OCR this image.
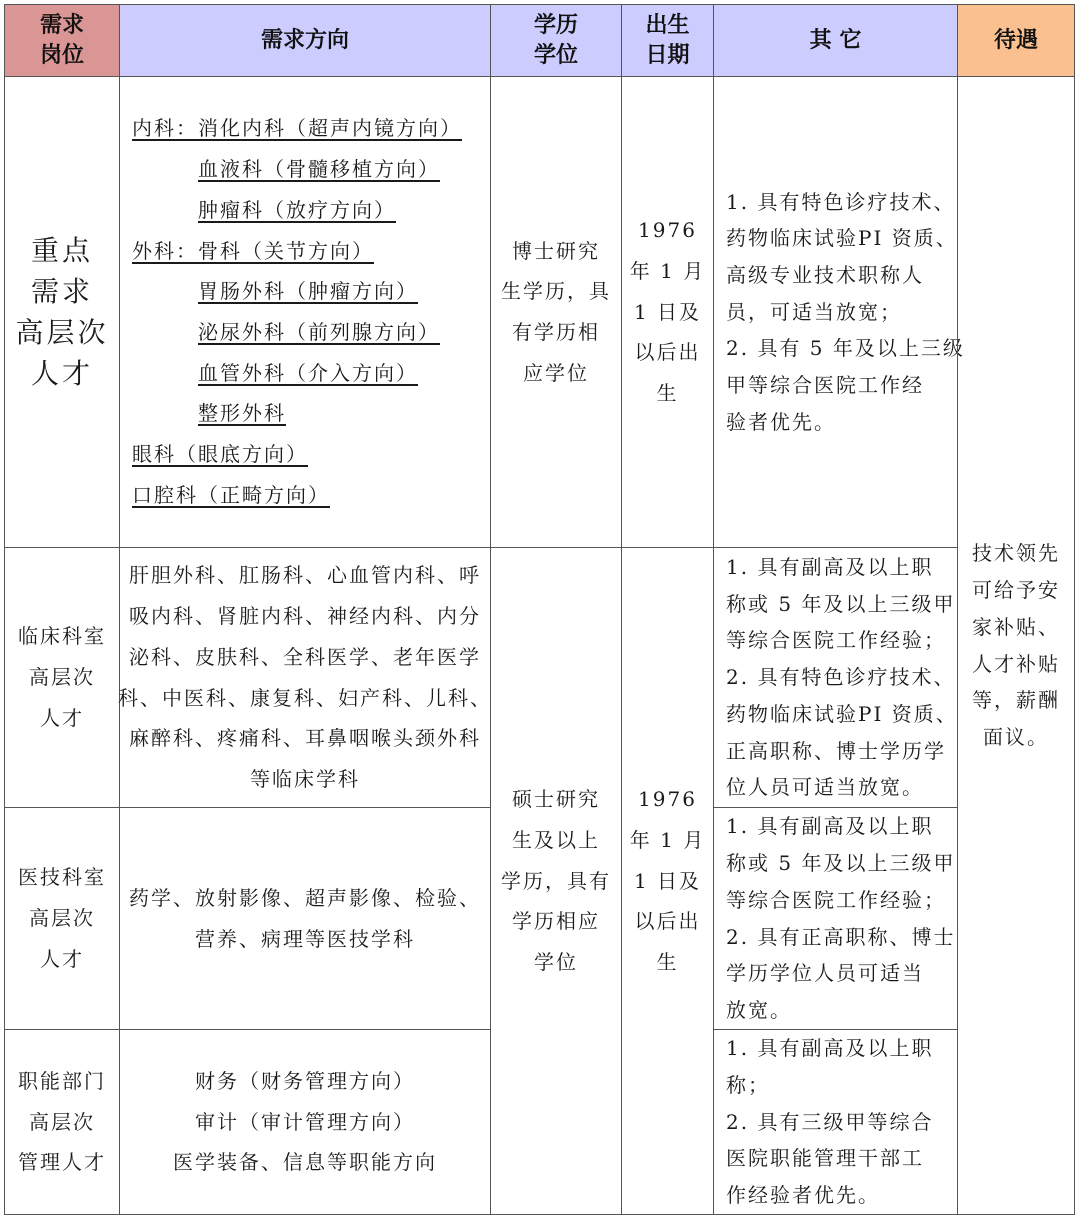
需求
岗位
需求方向
学历
学位
出生
日期
其 它	待遇
重点
需求
高层次
人才
内科：消化内科（超声内镜方向）
血液科（骨髓移植方向）
肿瘤科（放疗方向）
外科：骨科（关节方向）
胃肠外科（肿瘤方向）
泌尿外科（前列腺方向）
血管外科（介入方向）
整形外科
眼科（眼底方向）
口腔科（正畸方向）
博士研究
生学历，具
有学历相
应学位
1976
年 1 月
1 日及
以后出
生
1. 具有特色诊疗技术、
药物临床试验PI 资质、
高级专业技术职称人
员，可适当放宽；
2. 具有 5 年及以上三级
甲等综合医院工作经
验者优先。
技术领先
可给予安
家补贴、
人才补贴
等，薪酬
面议。
临床科室
高层次
人才
肝胆外科、肛肠科、心血管内科、呼
吸内科、肾脏内科、神经内科、内分
泌科、皮肤科、全科医学、老年医学
科、中医科、康复科、妇产科、儿科、
麻醉科、疼痛科、耳鼻咽喉头颈外科
等临床学科
1. 具有副高及以上职
称或 5 年及以上三级甲
等综合医院工作经验；
2. 具有特色诊疗技术、
药物临床试验PI 资质、
正高职称、博士学历学
位人员可适当放宽。
硕士研究
生及以上
学历，具有
学历相应
学位
1976
年 1 月
1 日及
以后出
生
医技科室
高层次
人才
药学、放射影像、超声影像、检验、
营养、病理等医技学科
1. 具有副高及以上职
称或 5 年及以上三级甲
等综合医院工作经验；
2. 具有正高职称、博士
学历学位人员可适当
放宽。
职能部门
高层次
管理人才
财务（财务管理方向）
审计（审计管理方向）
医学装备、信息等职能方向
1. 具有副高及以上职
称；
2. 具有三级甲等综合
医院职能管理干部工
作经验者优先。
